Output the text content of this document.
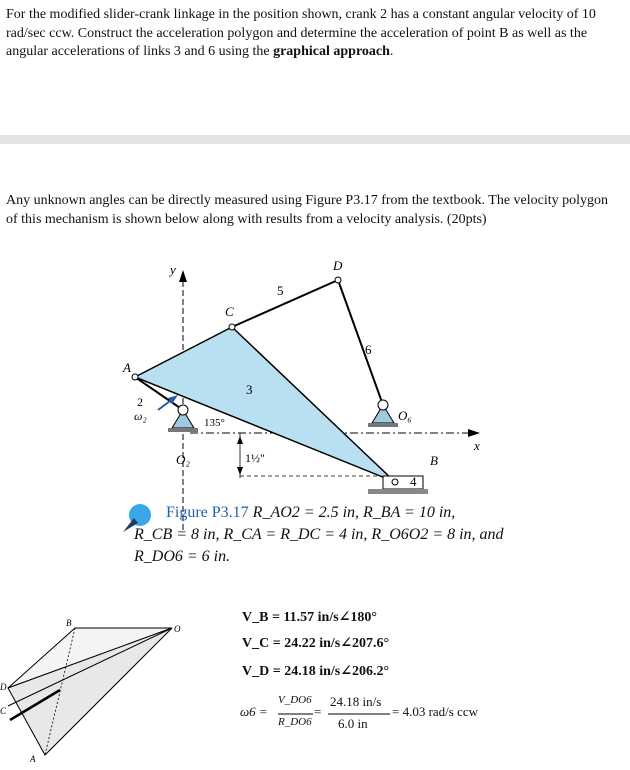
For the modified slider-crank linkage in the position shown, crank 2 has a constant angular velocity of 10 rad/sec ccw. Construct the acceleration polygon and determine the acceleration of point B as well as the angular accelerations of links 3 and 6 using the graphical approach.
Any unknown angles can be directly measured using Figure P3.17 from the textbook. The velocity polygon of this mechanism is shown below along with results from a velocity analysis. (20pts)
y
x
A
C
D
B
O₂
O₆
2
3
5
6
4
ω₂	135°
1½"
B
O
D
C
A
Figure P3.17 R_AO2 = 2.5 in, R_BA = 10 in,
R_CB = 8 in, R_CA = R_DC = 4 in, R_O6O2 = 8 in, and
R_DO6 = 6 in.
V_B = 11.57 in/s∠180°
V_C = 24.22 in/s∠207.6°
V_D = 24.18 in/s∠206.2°
ω6 =
V_DO6
R_DO6
=
24.18 in/s
6.0 in
= 4.03 rad/s ccw
